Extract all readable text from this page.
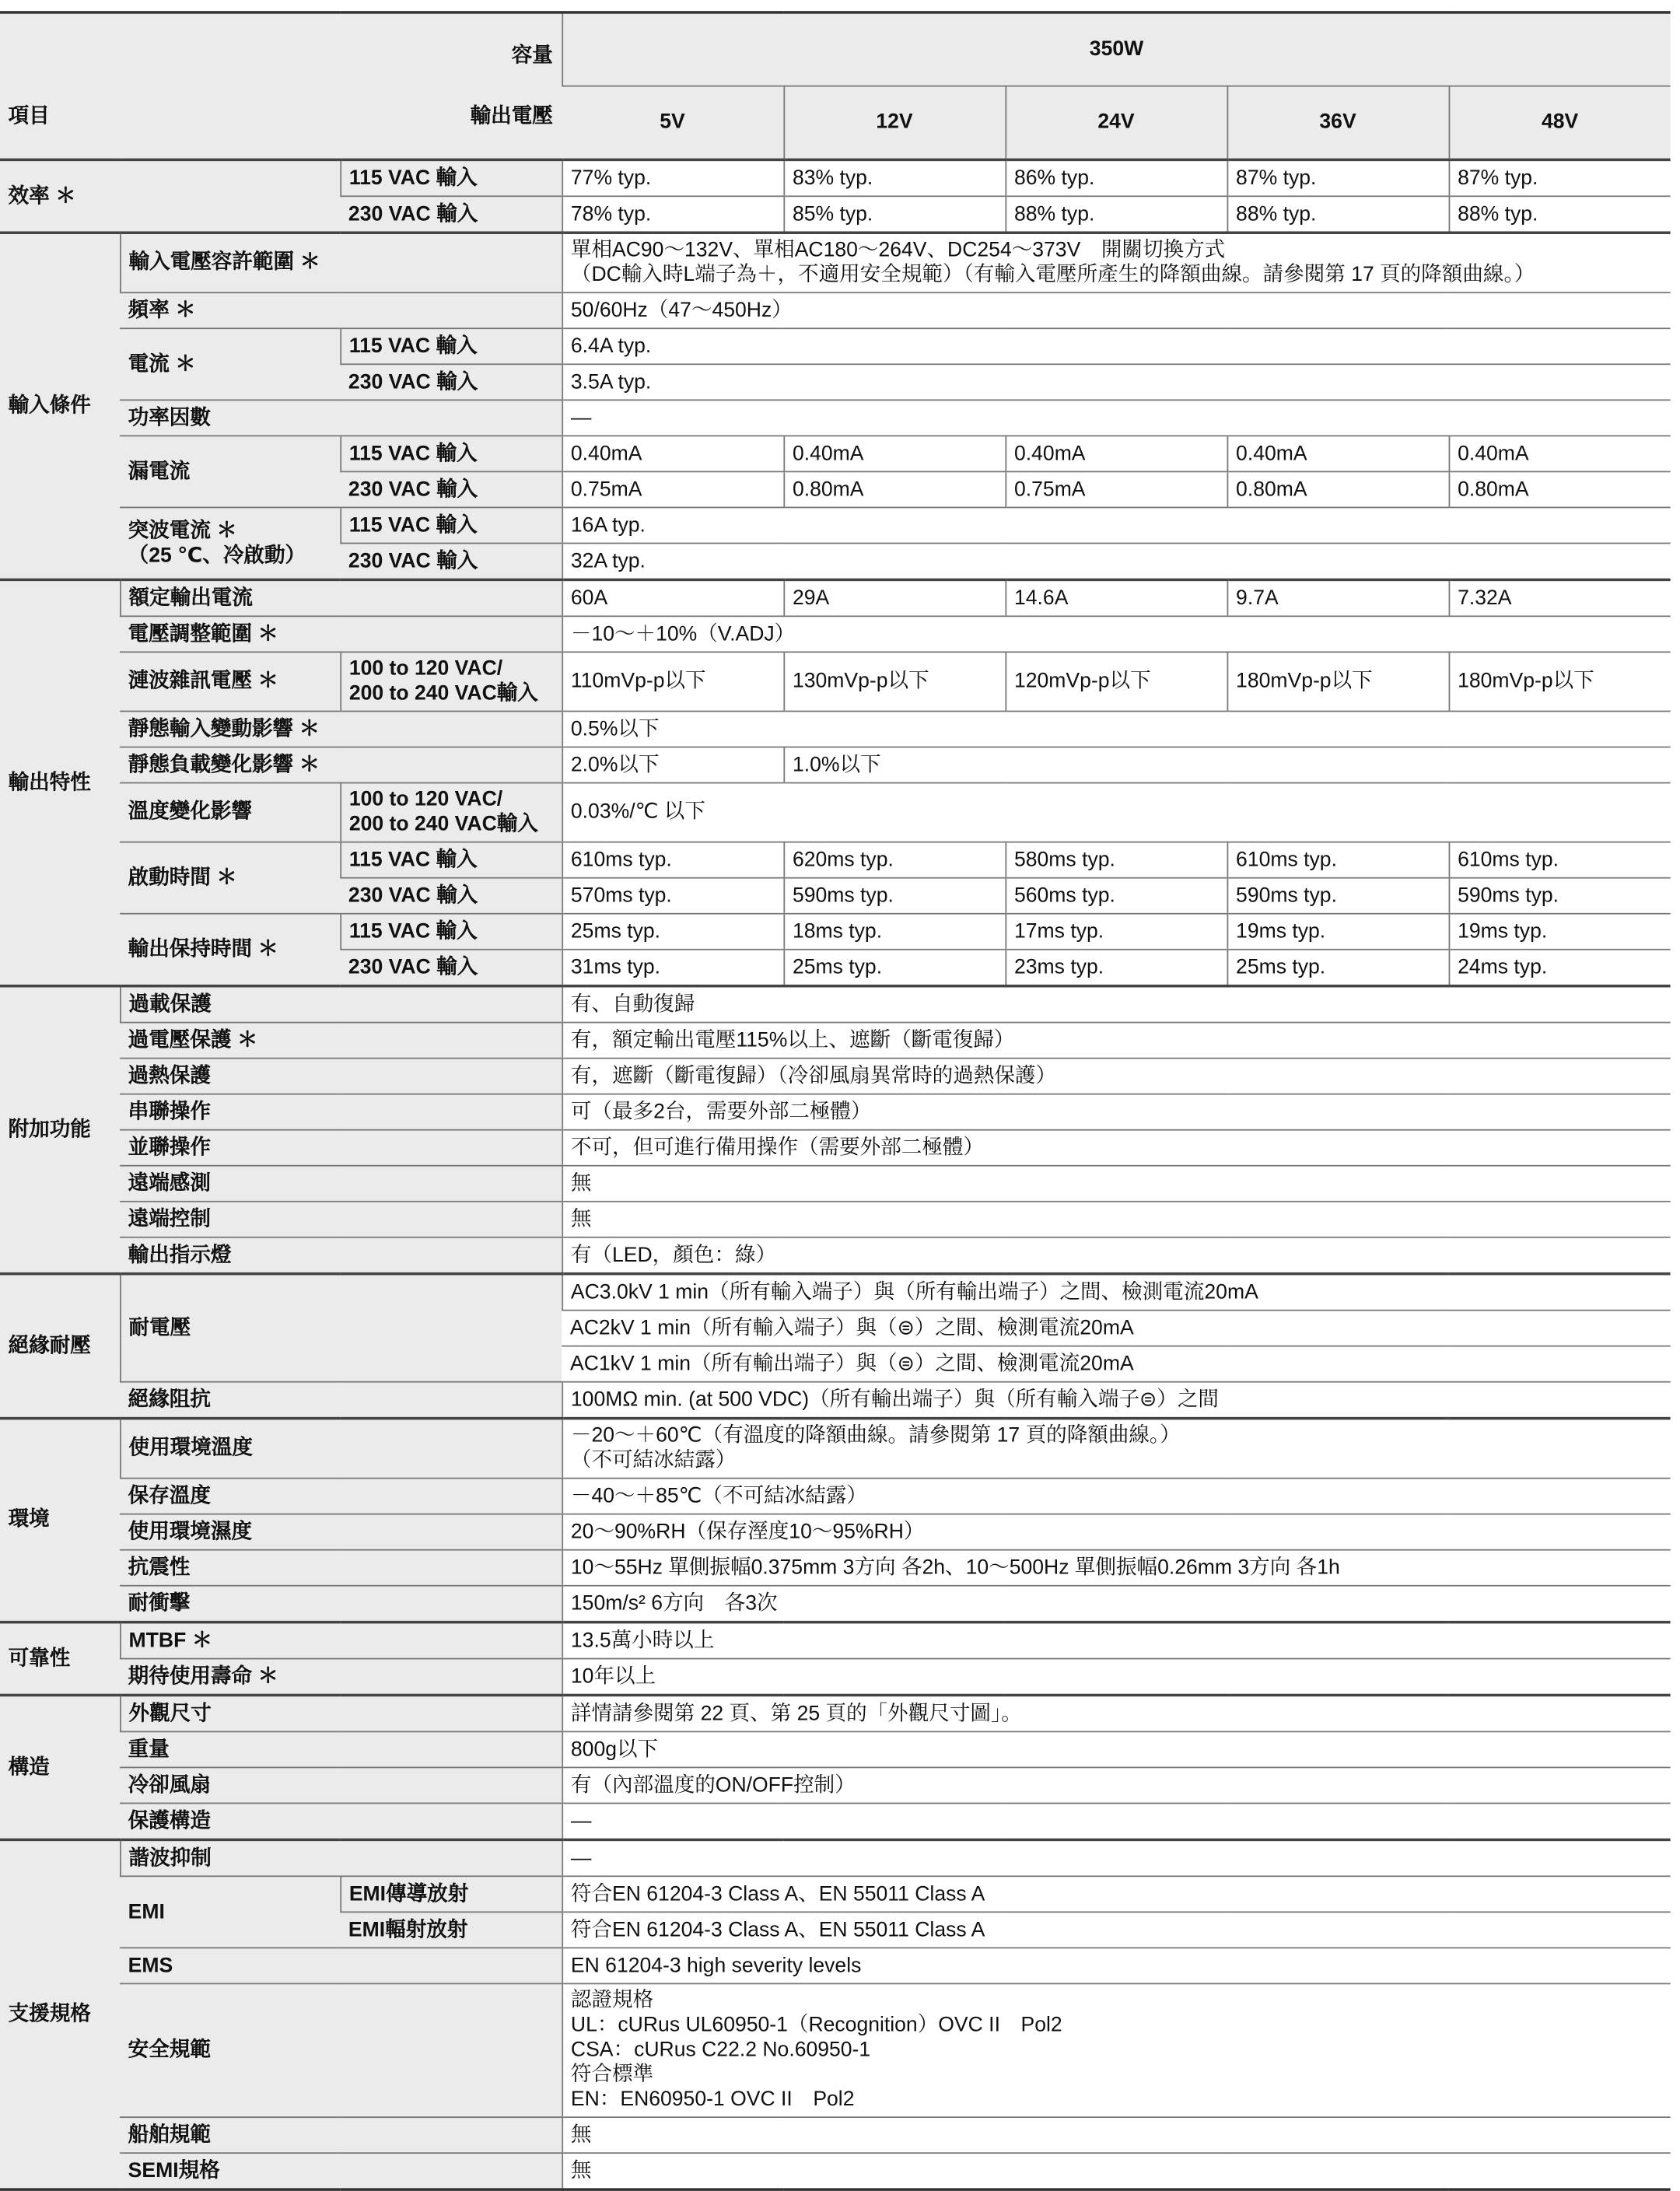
容量

項目 輸出電壓			350W				
			5V	12V	24V	36V	48V
效率 ＊		115 VAC 輸入	77% typ.	83% typ.	86% typ.	87% typ.	87% typ.
		230 VAC 輸入	78% typ.	85% typ.	88% typ.	88% typ.	88% typ.
輸入條件	輸入電壓容許範圍 ＊		單相AC90～132V、單相AC180～264V、DC254～373V　開關切換方式
（DC輸入時L端子為＋，不適用安全規範）（有輸入電壓所產生的降額曲線。請參閱第 17 頁的降額曲線。）				
	頻率 ＊		50/60Hz（47～450Hz）				
	電流 ＊	115 VAC 輸入	6.4A typ.				
		230 VAC 輸入	3.5A typ.				
	功率因數		—				
	漏電流	115 VAC 輸入	0.40mA	0.40mA	0.40mA	0.40mA	0.40mA
		230 VAC 輸入	0.75mA	0.80mA	0.75mA	0.80mA	0.80mA
	突波電流 ＊
（25 ℃、冷啟動）	115 VAC 輸入	16A typ.				
		230 VAC 輸入	32A typ.				
輸出特性	額定輸出電流		60A	29A	14.6A	9.7A	7.32A
	電壓調整範圍 ＊		－10～＋10%（V.ADJ）				
	漣波雜訊電壓 ＊	100 to 120 VAC/
200 to 240 VAC輸入	110mVp-p以下	130mVp-p以下	120mVp-p以下	180mVp-p以下	180mVp-p以下
	靜態輸入變動影響 ＊		0.5%以下				
	靜態負載變化影響 ＊		2.0%以下	1.0%以下			
	溫度變化影響	100 to 120 VAC/
200 to 240 VAC輸入	0.03%/℃ 以下				
	啟動時間 ＊	115 VAC 輸入	610ms typ.	620ms typ.	580ms typ.	610ms typ.	610ms typ.
		230 VAC 輸入	570ms typ.	590ms typ.	560ms typ.	590ms typ.	590ms typ.
	輸出保持時間 ＊	115 VAC 輸入	25ms typ.	18ms typ.	17ms typ.	19ms typ.	19ms typ.
		230 VAC 輸入	31ms typ.	25ms typ.	23ms typ.	25ms typ.	24ms typ.
附加功能	過載保護		有、自動復歸				
	過電壓保護 ＊		有，額定輸出電壓115%以上、遮斷（斷電復歸）				
	過熱保護		有，遮斷（斷電復歸）（冷卻風扇異常時的過熱保護）				
	串聯操作		可（最多2台，需要外部二極體）				
	並聯操作		不可，但可進行備用操作（需要外部二極體）				
	遠端感測		無				
	遠端控制		無				
	輸出指示燈		有（LED，顏色：綠）				
絕緣耐壓	耐電壓		AC3.0kV 1 min（所有輸入端子）與（所有輸出端子）之間、檢測電流20mA				
			AC2kV 1 min（所有輸入端子）與（⊜）之間、檢測電流20mA				
			AC1kV 1 min（所有輸出端子）與（⊜）之間、檢測電流20mA				
	絕緣阻抗		100MΩ min. (at 500 VDC)（所有輸出端子）與（所有輸入端子⊜）之間				
環境	使用環境溫度		－20～＋60℃（有溫度的降額曲線。請參閱第 17 頁的降額曲線。）
（不可結冰結露）				
	保存溫度		－40～＋85℃（不可結冰結露）				
	使用環境濕度		20～90%RH（保存溼度10～95%RH）				
	抗震性		10～55Hz 單側振幅0.375mm 3方向 各2h、10～500Hz 單側振幅0.26mm 3方向 各1h				
	耐衝擊		150m/s² 6方向　各3次				
可靠性	MTBF ＊		13.5萬小時以上				
	期待使用壽命 ＊		10年以上				
構造	外觀尺寸		詳情請參閱第 22 頁、第 25 頁的「外觀尺寸圖」。				
	重量		800g以下				
	冷卻風扇		有（內部溫度的ON/OFF控制）				
	保護構造		—				
支援規格	諧波抑制		—				
	EMI	EMI傳導放射	符合EN 61204-3 Class A、EN 55011 Class A				
		EMI輻射放射	符合EN 61204-3 Class A、EN 55011 Class A				
	EMS		EN 61204-3 high severity levels				
	安全規範		認證規格
UL：cURus UL60950-1（Recognition）OVC II　Pol2
CSA：cURus C22.2 No.60950-1
符合標準
EN：EN60950-1 OVC II　Pol2				
	船舶規範		無				
	SEMI規格		無				
